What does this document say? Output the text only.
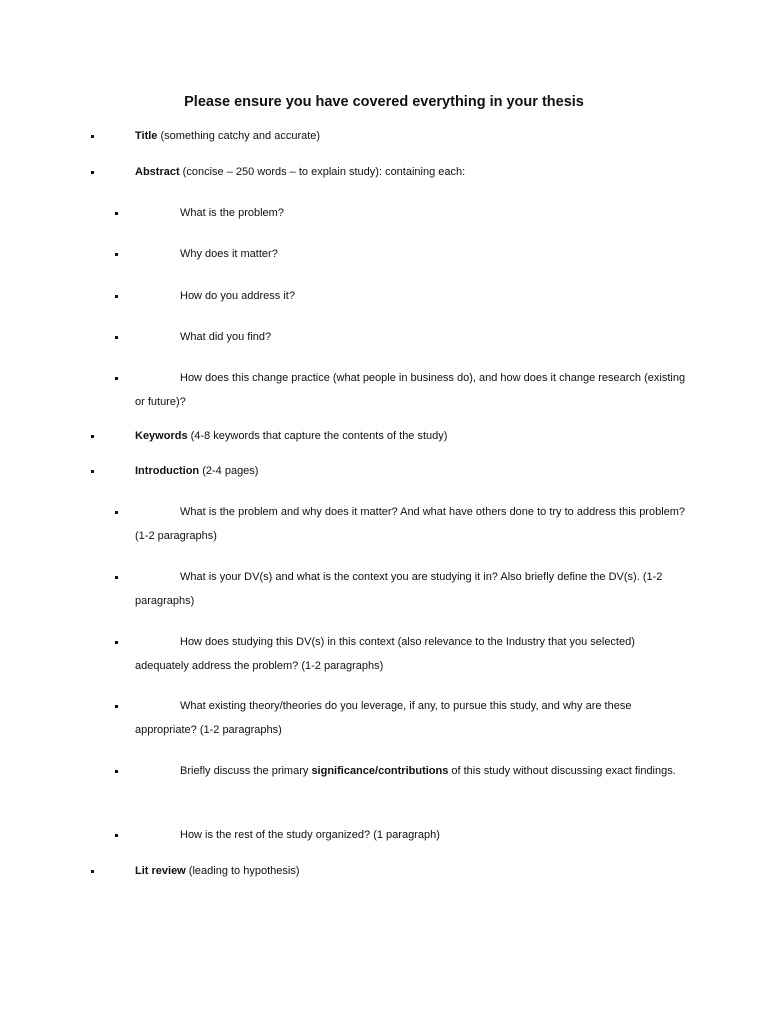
Please ensure you have covered everything in your thesis

Title (something catchy and accurate)

Abstract (concise – 250 words – to explain study): containing each:

What is the problem?

Why does it matter?

How do you address it?

What did you find?

How does this change practice (what people in business do), and how does it change research (existing or future)?

Keywords (4-8 keywords that capture the contents of the study)

Introduction (2-4 pages)

What is the problem and why does it matter? And what have others done to try to address this problem? (1-2 paragraphs)

What is your DV(s) and what is the context you are studying it in? Also briefly define the DV(s). (1-2 paragraphs)

How does studying this DV(s) in this context (also relevance to the Industry that you selected) adequately address the problem? (1-2 paragraphs)

What existing theory/theories do you leverage, if any, to pursue this study, and why are these appropriate? (1-2 paragraphs)

Briefly discuss the primary significance/contributions of this study without discussing exact findings.

How is the rest of the study organized? (1 paragraph)

Lit review (leading to hypothesis)
